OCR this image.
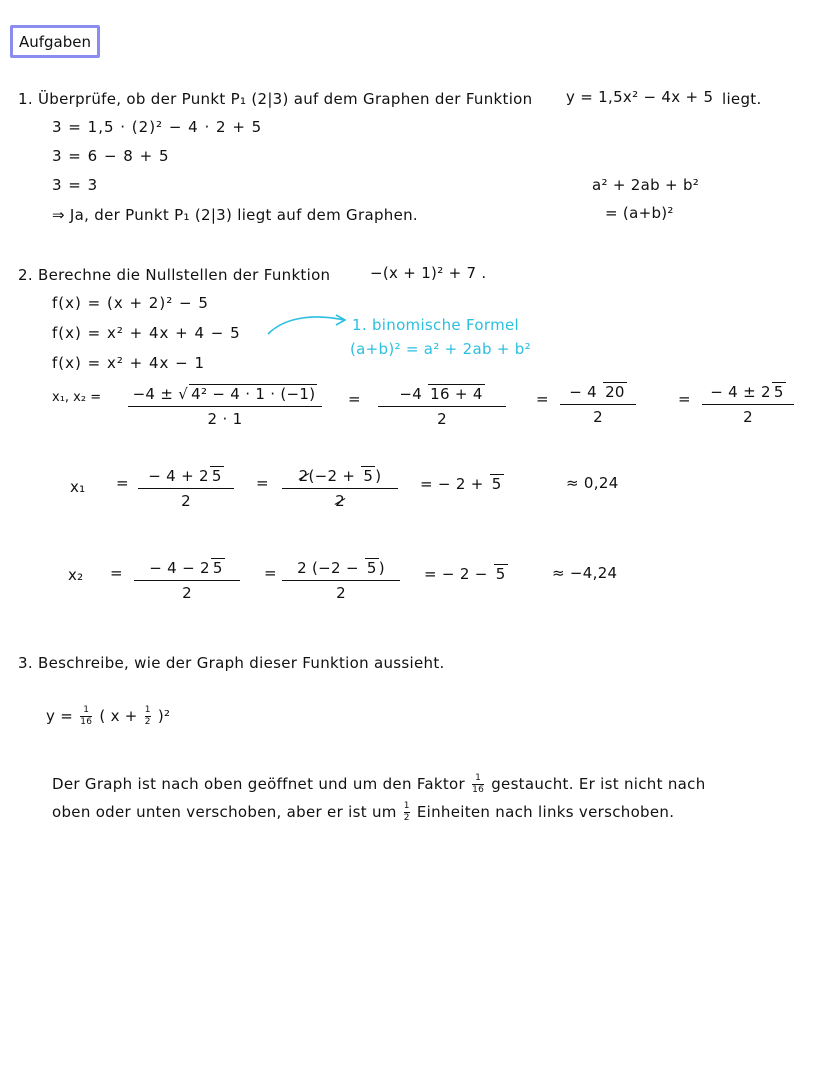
Aufgaben
1. Überprüfe, ob der Punkt P₁ (2|3) auf dem Graphen der Funktion y = 1,5x² − 4x + 5 liegt.
3 = 1,5 · (2)² − 4 · 2 + 5
3 = 6 − 8 + 5
3 = 3
⇒ Ja, der Punkt P₁ (2|3) liegt auf dem Graphen.
a² + 2ab + b²
= (a+b)²
2. Berechne die Nullstellen der Funktion	−(x + 1)² + 7 .
f(x) = (x + 2)² − 5
f(x) = x² + 4x + 4 − 5
f(x) = x² + 4x − 1
1. binomische Formel
(a+b)² = a² + 2ab + b²
x₁, x₂ = −4 ± √ 4² − 4 · 1 · (−1)
2 · 1
=	−4 16 + 4
2
= − 4 20
2
= − 4 ± 2 5
2
x₁ = − 4 + 2 5
2
= 2(−2 + 5 )
2
= − 2 + 5	≈ 0,24
x₂ = − 4 − 2 5
2
= 2 (−2 − 5 )
2
= − 2 − 5	≈ −4,24
3. Beschreibe, wie der Graph dieser Funktion aussieht.
$y = \frac{1}{16}$ ( $x + \frac{1}{2} )^2$
Der Graph ist nach oben geöffnet und um den Faktor $\frac{1}{16}$ gestaucht. Er ist nicht nach
oben oder unten verschoben, aber er ist um $\frac{1}{2}$ Einheiten nach links verschoben.
